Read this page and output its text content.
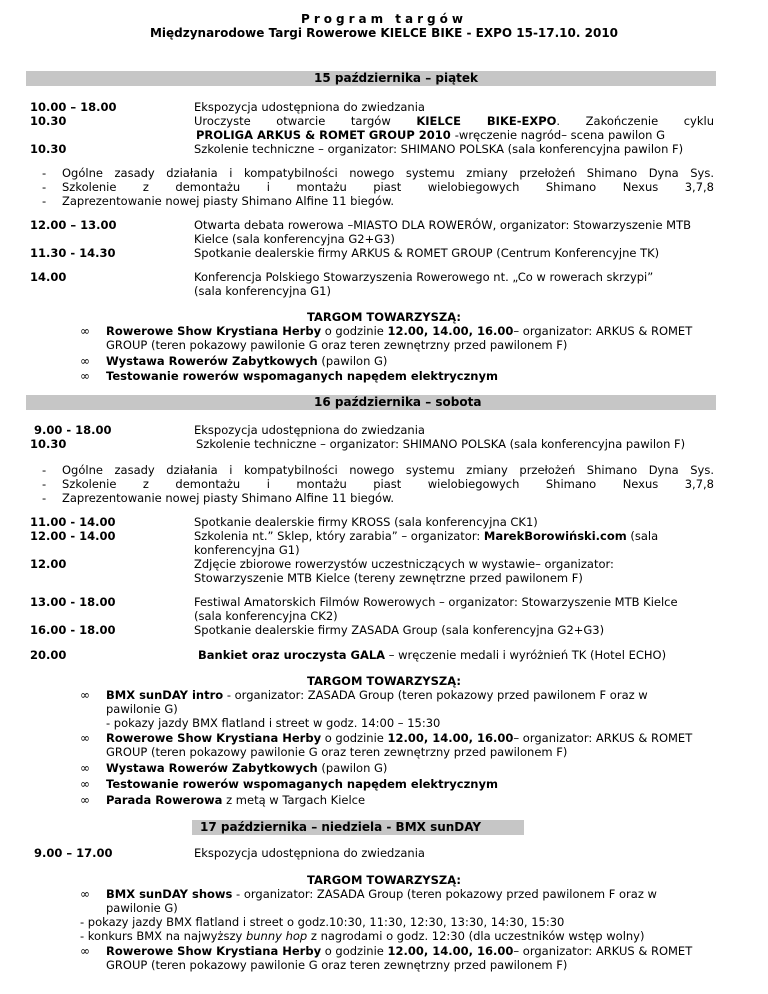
Program targów
Międzynarodowe Targi Rowerowe KIELCE BIKE - EXPO 15-17.10. 2010
15 października – piątek
10.00 – 18.00	Ekspozycja udostępniona do zwiedzania
10.30	Uroczyste otwarcie targów KIELCE BIKE-EXPO. Zakończenie cyklu
PROLIGA ARKUS & ROMET GROUP 2010 -wręczenie nagród– scena pawilon G
10.30	Szkolenie techniczne – organizator: SHIMANO POLSKA (sala konferencyjna pawilon F)
- Ogólne zasady działania i kompatybilności nowego systemu zmiany przełożeń Shimano Dyna Sys.
- Szkolenie z demontażu i montażu piast wielobiegowych Shimano Nexus 3,7,8
- Zaprezentowanie nowej piasty Shimano Alfine 11 biegów.
12.00 – 13.00	Otwarta debata rowerowa –MIASTO DLA ROWERÓW, organizator: Stowarzyszenie MTB
Kielce (sala konferencyjna G2+G3)
11.30 - 14.30	Spotkanie dealerskie firmy ARKUS & ROMET GROUP (Centrum Konferencyjne TK)
14.00	Konferencja Polskiego Stowarzyszenia Rowerowego nt. „Co w rowerach skrzypi”
(sala konferencyjna G1)
TARGOM TOWARZYSZĄ:
∞ Rowerowe Show Krystiana Herby o godzinie 12.00, 14.00, 16.00– organizator: ARKUS & ROMET
GROUP (teren pokazowy pawilonie G oraz teren zewnętrzny przed pawilonem F)
∞ Wystawa Rowerów Zabytkowych (pawilon G)
∞ Testowanie rowerów wspomaganych napędem elektrycznym
16 października – sobota
9.00 - 18.00	Ekspozycja udostępniona do zwiedzania
10.30	Szkolenie techniczne – organizator: SHIMANO POLSKA (sala konferencyjna pawilon F)
- Ogólne zasady działania i kompatybilności nowego systemu zmiany przełożeń Shimano Dyna Sys.
- Szkolenie z demontażu i montażu piast wielobiegowych Shimano Nexus 3,7,8
- Zaprezentowanie nowej piasty Shimano Alfine 11 biegów.
11.00 - 14.00	Spotkanie dealerskie firmy KROSS (sala konferencyjna CK1)
12.00 - 14.00	Szkolenia nt.” Sklep, który zarabia” – organizator: MarekBorowiński.com (sala
konferencyjna G1)
12.00	Zdjęcie zbiorowe rowerzystów uczestniczących w wystawie– organizator:
Stowarzyszenie MTB Kielce (tereny zewnętrzne przed pawilonem F)
13.00 - 18.00	Festiwal Amatorskich Filmów Rowerowych – organizator: Stowarzyszenie MTB Kielce
(sala konferencyjna CK2)
16.00 - 18.00	Spotkanie dealerskie firmy ZASADA Group (sala konferencyjna G2+G3)
20.00	Bankiet oraz uroczysta GALA – wręczenie medali i wyróżnień TK (Hotel ECHO)
TARGOM TOWARZYSZĄ:
∞ BMX sunDAY intro - organizator: ZASADA Group (teren pokazowy przed pawilonem F oraz w
pawilonie G)
- pokazy jazdy BMX flatland i street w godz. 14:00 – 15:30
∞ Rowerowe Show Krystiana Herby o godzinie 12.00, 14.00, 16.00– organizator: ARKUS & ROMET
GROUP (teren pokazowy pawilonie G oraz teren zewnętrzny przed pawilonem F)
∞ Wystawa Rowerów Zabytkowych (pawilon G)
∞ Testowanie rowerów wspomaganych napędem elektrycznym
∞ Parada Rowerowa z metą w Targach Kielce
17 października – niedziela - BMX sunDAY
9.00 – 17.00	Ekspozycja udostępniona do zwiedzania
TARGOM TOWARZYSZĄ:
∞ BMX sunDAY shows - organizator: ZASADA Group (teren pokazowy przed pawilonem F oraz w
pawilonie G)
- pokazy jazdy BMX flatland i street o godz.10:30, 11:30, 12:30, 13:30, 14:30, 15:30
- konkurs BMX na najwyższy bunny hop z nagrodami o godz. 12:30 (dla uczestników wstęp wolny)
∞ Rowerowe Show Krystiana Herby o godzinie 12.00, 14.00, 16.00– organizator: ARKUS & ROMET
GROUP (teren pokazowy pawilonie G oraz teren zewnętrzny przed pawilonem F)
